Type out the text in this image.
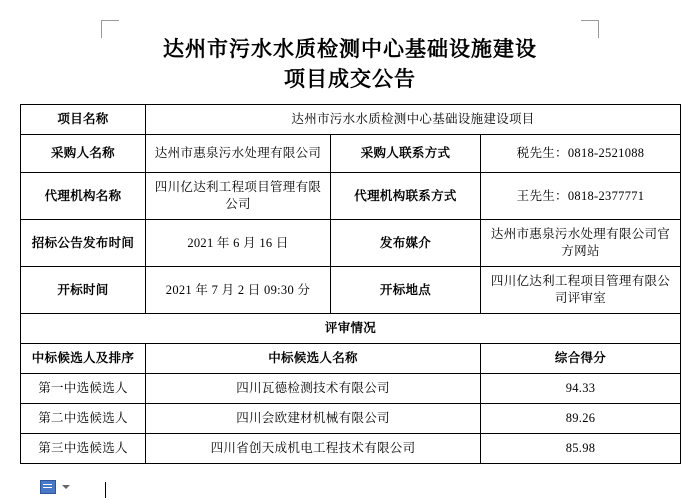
达州市污水水质检测中心基础设施建设
项目成交公告
项目名称	达州市污水水质检测中心基础设施建设项目		
采购人名称	达州市惠泉污水处理有限公司	采购人联系方式	税先生：0818-2521088
代理机构名称	四川亿达利工程项目管理有限公司	代理机构联系方式	王先生：0818-2377771
招标公告发布时间	2021 年 6 月 16 日	发布媒介	达州市惠泉污水处理有限公司官方网站
开标时间	2021 年 7 月 2 日 09:30 分	开标地点	四川亿达利工程项目管理有限公司评审室
评审情况			
中标候选人及排序	中标候选人名称		综合得分
第一中选候选人	四川瓦德检测技术有限公司		94.33
第二中选候选人	四川会欧建材机械有限公司		89.26
第三中选候选人	四川省创天成机电工程技术有限公司		85.98
